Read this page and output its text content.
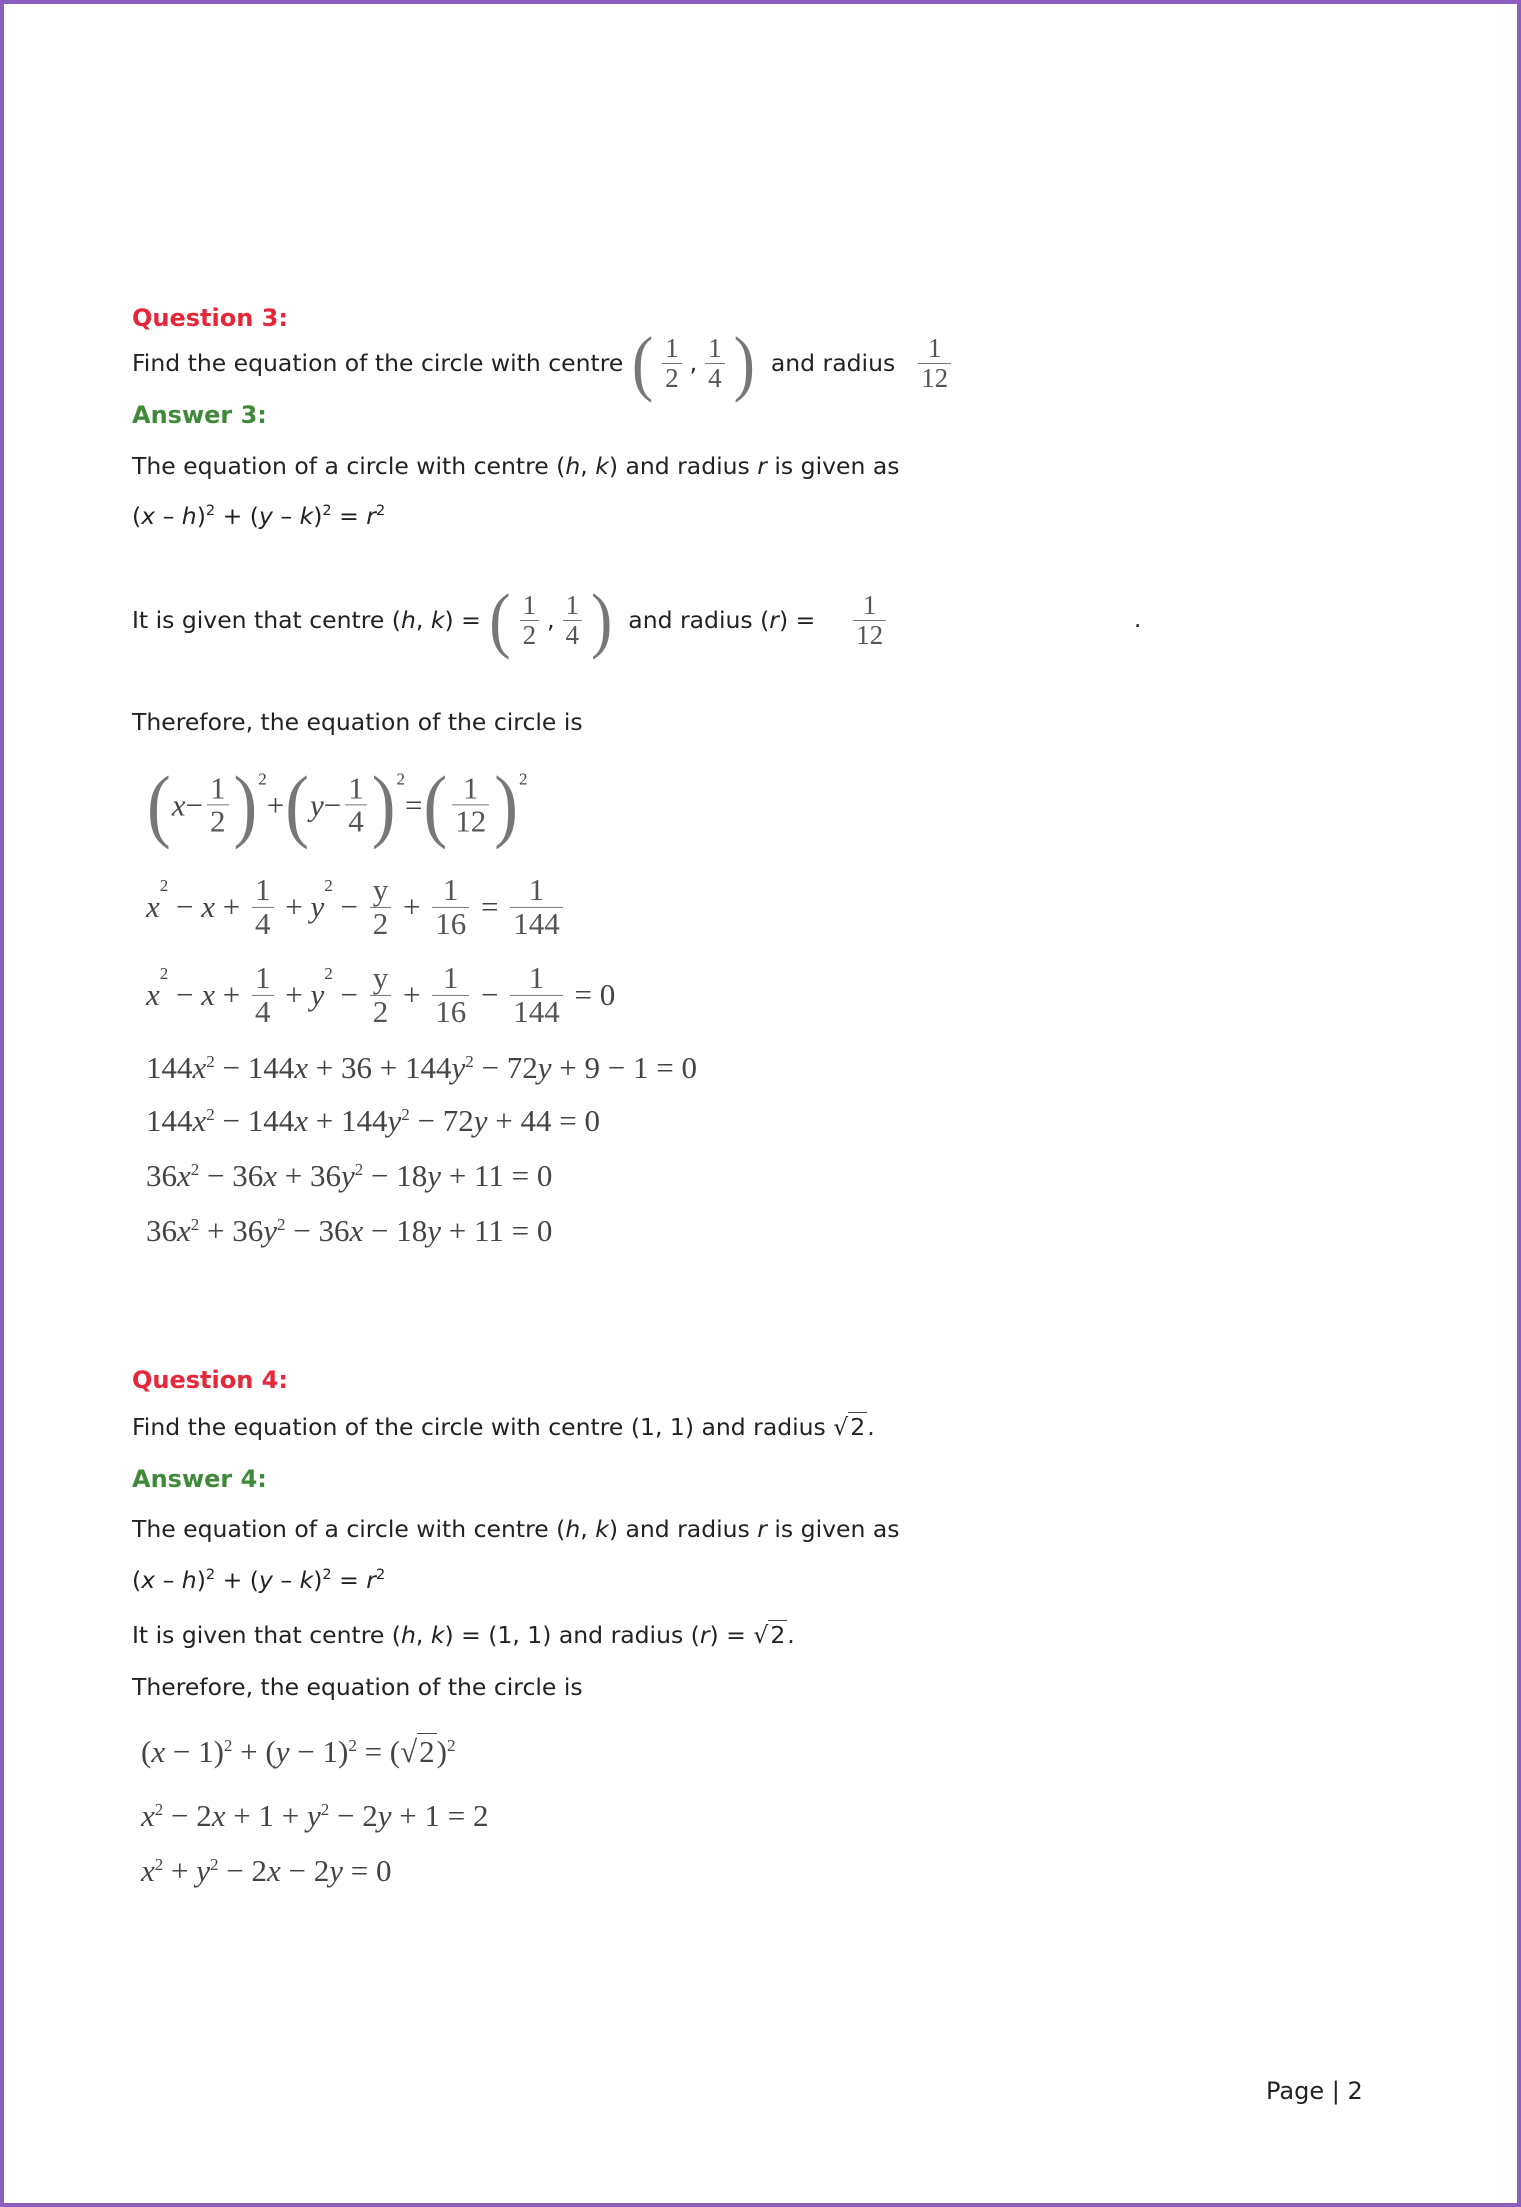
Question 3:
Find the equation of the circle with centre ( $\frac{1}{2}$ , $\frac{1}{4}$ ) and radius $\frac{1}{12}$
Answer 3:
The equation of a circle with centre ( h , k ) and radius r is given as
( x – h ) 2 + ( y – k ) 2 = r 2
It is given that centre ( h , k ) = ( $\frac{1}{2}$ , $\frac{1}{4}$ ) and radius ( r ) = $\frac{1}{12}$	.
Therefore, the equation of the circle is
( $x - \frac{1}{2}$ ) 2
+ ( $y - \frac{1}{4}$ ) 2
= ( $\frac{1}{12}$ ) 2
x
2
− $x + \frac{1}{4} + y$
2
− $\frac{y}{2} + \frac{1}{16} = \frac{1}{144}$
x
2
− $x + \frac{1}{4} + y$
2
− $\frac{y}{2} + \frac{1}{16} - \frac{1}{144} = 0$
144 x 2 − 144 x + 36 + 144 y 2 − 72 y + 9 − 1 = 0
144 x 2 − 144 x + 144 y 2 − 72 y + 44 = 0
36 x 2 − 36 x + 36 y 2 − 18 y + 11 = 0
36 x 2 + 36 y 2 − 36 x − 18 y + 11 = 0
Question 4:
Find the equation of the circle with centre (1, 1) and radius √2 .
Answer 4:
The equation of a circle with centre ( h , k ) and radius r is given as
( x – h ) 2 + ( y – k ) 2 = r 2
It is given that centre ( h , k ) = (1, 1) and radius ( r ) = √2 .
Therefore, the equation of the circle is
( x − 1) 2 + ( y − 1) 2 = ( √2 ) 2
x 2 − 2 x + 1 + y 2 − 2 y + 1 = 2
x 2 + y 2 − 2 x − 2 y = 0
Page | 2
